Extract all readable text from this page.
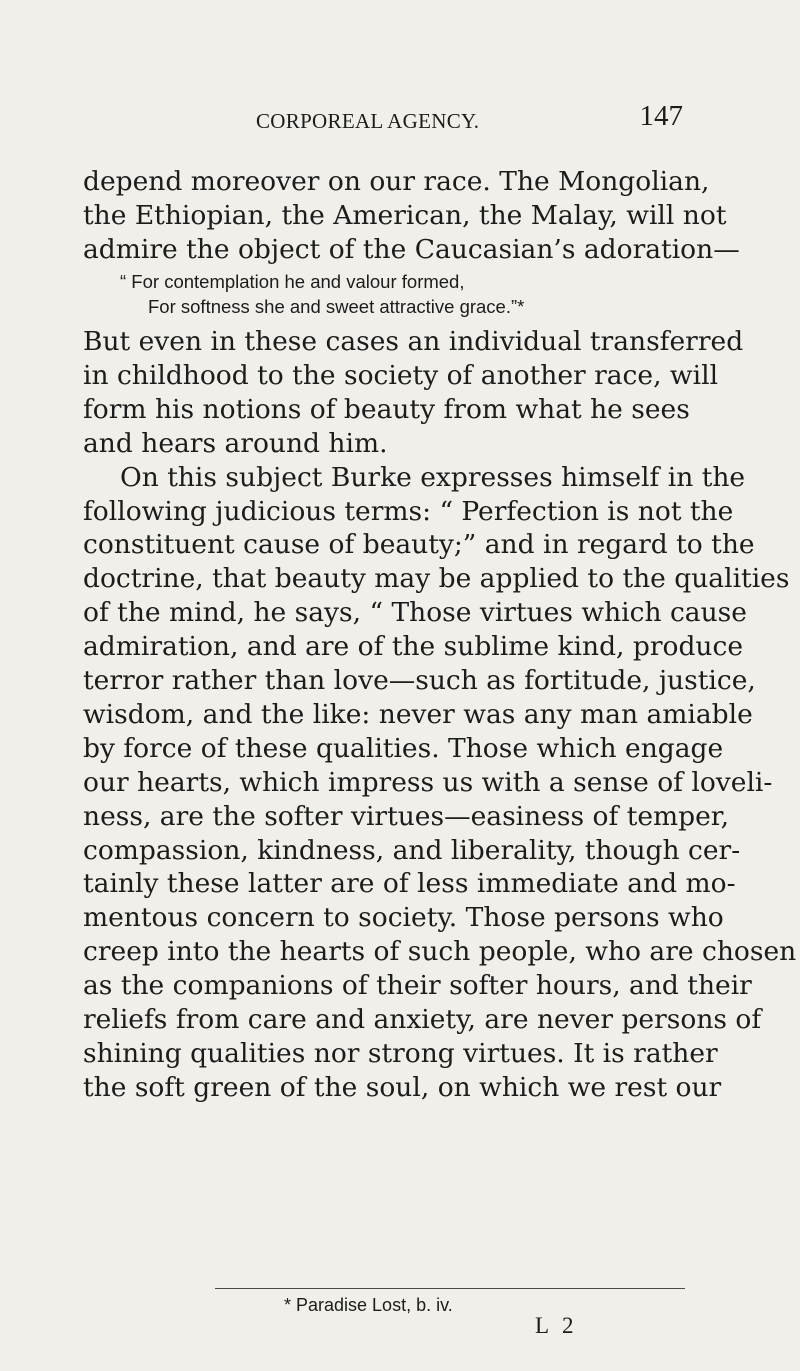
CORPOREAL AGENCY.	147
depend moreover on our race. The Mongolian,
the Ethiopian, the American, the Malay, will not
admire the object of the Caucasian’s adoration—
“ For contemplation he and valour formed,
For softness she and sweet attractive grace.”*
But even in these cases an individual transferred
in childhood to the society of another race, will
form his notions of beauty from what he sees
and hears around him.
On this subject Burke expresses himself in the
following judicious terms: “ Perfection is not the
constituent cause of beauty;” and in regard to the
doctrine, that beauty may be applied to the qualities
of the mind, he says, “ Those virtues which cause
admiration, and are of the sublime kind, produce
terror rather than love—such as fortitude, justice,
wisdom, and the like: never was any man amiable
by force of these qualities. Those which engage
our hearts, which impress us with a sense of loveli-
ness, are the softer virtues—easiness of temper,
compassion, kindness, and liberality, though cer-
tainly these latter are of less immediate and mo-
mentous concern to society. Those persons who
creep into the hearts of such people, who are chosen
as the companions of their softer hours, and their
reliefs from care and anxiety, are never persons of
shining qualities nor strong virtues. It is rather
the soft green of the soul, on which we rest our
* Paradise Lost, b. iv.
L 2
